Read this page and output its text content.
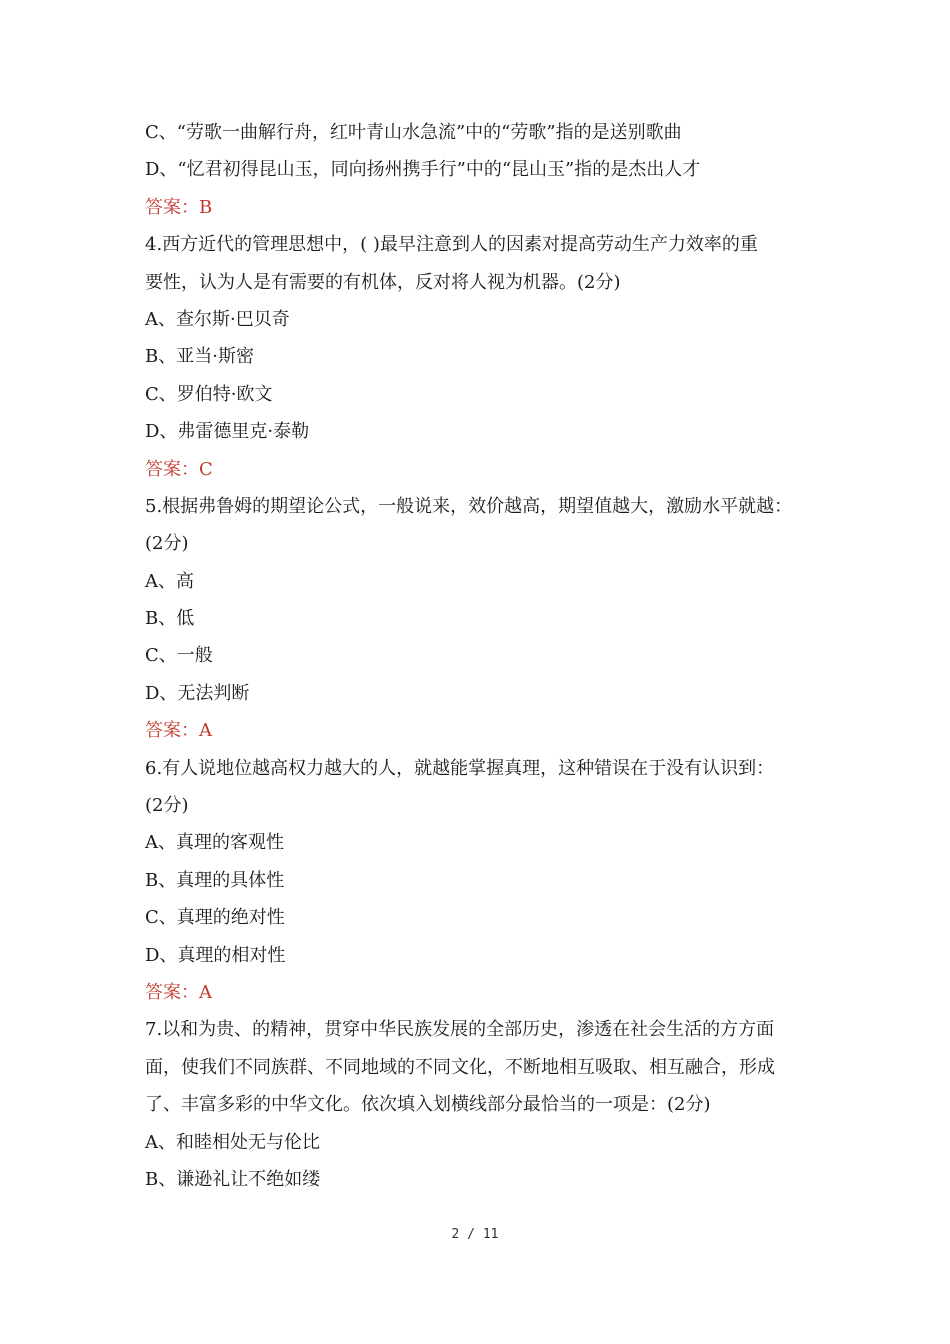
C、“劳歌一曲解行舟，红叶青山水急流”中的“劳歌”指的是送别歌曲
D、“忆君初得昆山玉，同向扬州携手行”中的“昆山玉”指的是杰出人才
答案：B
4.西方近代的管理思想中，( )最早注意到人的因素对提高劳动生产力效率的重
要性，认为人是有需要的有机体，反对将人视为机器。(2分)
A、查尔斯·巴贝奇
B、亚当·斯密
C、罗伯特·欧文
D、弗雷德里克·泰勒
答案：C
5.根据弗鲁姆的期望论公式，一般说来，效价越高，期望值越大，激励水平就越：
(2分)
A、高
B、低
C、一般
D、无法判断
答案：A
6.有人说地位越高权力越大的人，就越能掌握真理，这种错误在于没有认识到：
(2分)
A、真理的客观性
B、真理的具体性
C、真理的绝对性
D、真理的相对性
答案：A
7.以和为贵、的精神，贯穿中华民族发展的全部历史，渗透在社会生活的方方面
面，使我们不同族群、不同地域的不同文化，不断地相互吸取、相互融合，形成
了、丰富多彩的中华文化。依次填入划横线部分最恰当的一项是：(2分)
A、和睦相处无与伦比
B、谦逊礼让不绝如缕
2 / 11
